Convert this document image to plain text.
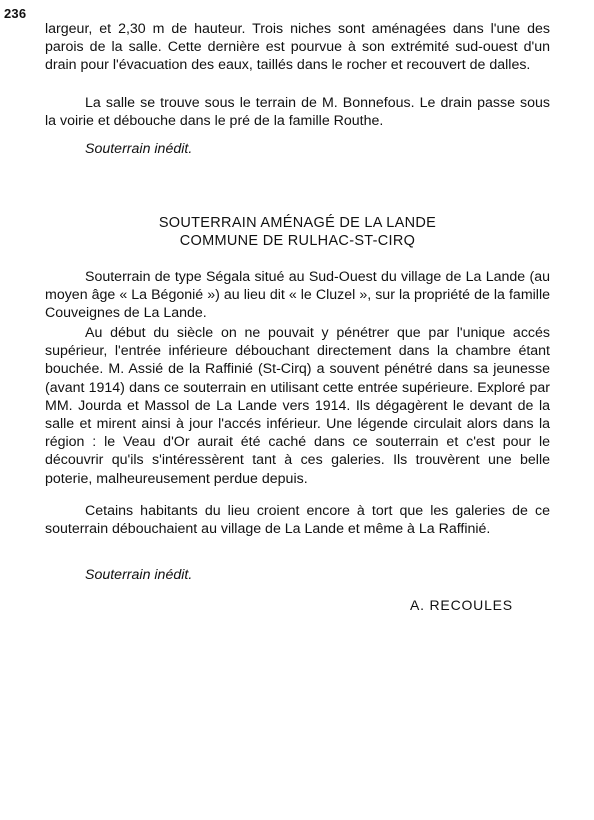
236

largeur, et 2,30 m de hauteur. Trois niches sont aménagées dans l'une des parois de la salle. Cette dernière est pourvue à son extrémité sud-ouest d'un drain pour l'évacuation des eaux, taillés dans le rocher et recouvert de dalles.

La salle se trouve sous le terrain de M. Bonnefous. Le drain passe sous la voirie et débouche dans le pré de la famille Routhe.

Souterrain inédit.

SOUTERRAIN AMÉNAGÉ DE LA LANDE
COMMUNE DE RULHAC-ST-CIRQ

Souterrain de type Ségala situé au Sud-Ouest du village de La Lande (au moyen âge « La Bégonié ») au lieu dit « le Cluzel », sur la propriété de la famille Couveignes de La Lande.

Au début du siècle on ne pouvait y pénétrer que par l'unique accés supérieur, l'entrée inférieure débouchant directement dans la chambre étant bouchée. M. Assié de la Raffinié (St-Cirq) a souvent pénétré dans sa jeunesse (avant 1914) dans ce souterrain en utilisant cette entrée supérieure. Exploré par MM. Jourda et Massol de La Lande vers 1914. Ils dégagèrent le devant de la salle et mirent ainsi à jour l'accés inférieur. Une légende circulait alors dans la région : le Veau d'Or aurait été caché dans ce souterrain et c'est pour le découvrir qu'ils s'intéressèrent tant à ces galeries. Ils trouvèrent une belle poterie, malheureusement perdue depuis.

Cetains habitants du lieu croient encore à tort que les galeries de ce souterrain débouchaient au village de La Lande et même à La Raffinié.

Souterrain inédit.

A. RECOULES
